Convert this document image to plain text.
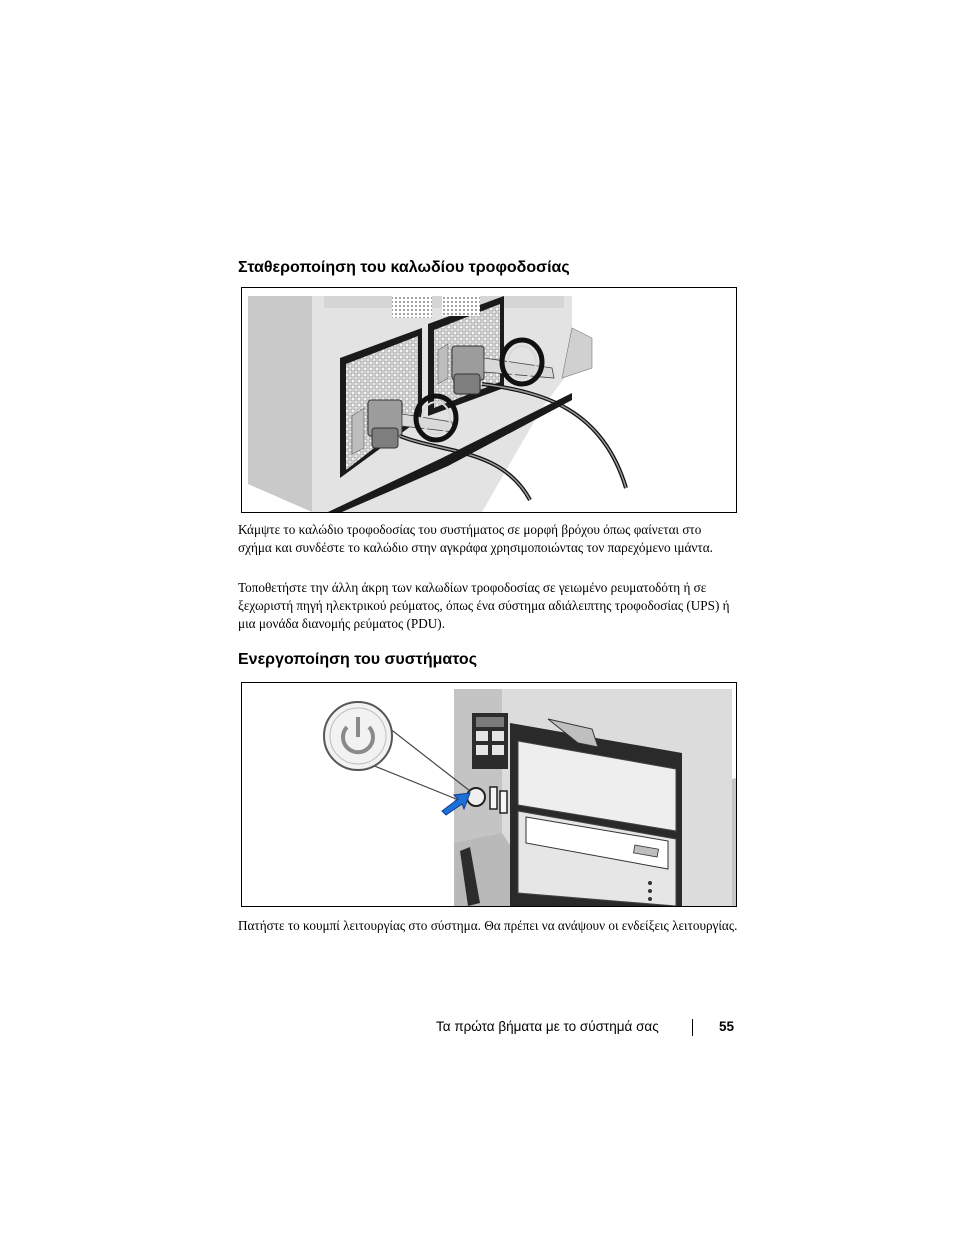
Σταθεροποίηση του καλωδίου τροφοδοσίας

Κάμψτε το καλώδιο τροφοδοσίας του συστήματος σε μορφή βρόχου όπως φαίνεται στο σχήμα και συνδέστε το καλώδιο στην αγκράφα χρησιμοποιώντας τον παρεχόμενο ιμάντα.

Τοποθετήστε την άλλη άκρη των καλωδίων τροφοδοσίας σε γειωμένο ρευματοδότη ή σε ξεχωριστή πηγή ηλεκτρικού ρεύματος, όπως ένα σύστημα αδιάλειπτης τροφοδοσίας (UPS) ή μια μονάδα διανομής ρεύματος (PDU).

Ενεργοποίηση του συστήματος

Πατήστε το κουμπί λειτουργίας στο σύστημα. Θα πρέπει να ανάψουν οι ενδείξεις λειτουργίας.

Τα πρώτα βήματα με το σύστημά σας	55
